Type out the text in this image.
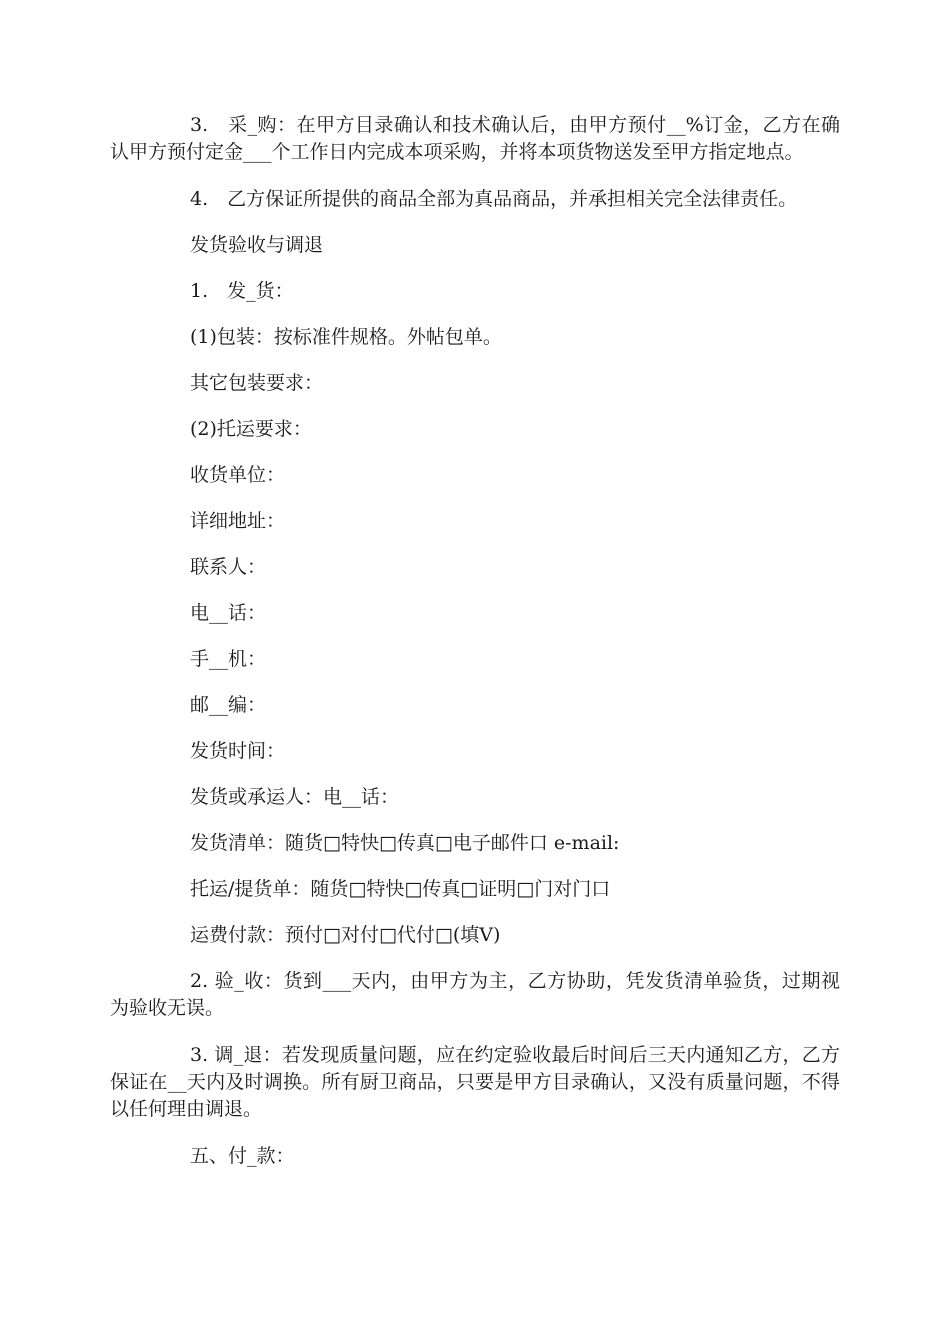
3.　采_购：在甲方目录确认和技术确认后，由甲方预付__%订金，乙方在确认甲方预付定金___个工作日内完成本项采购，并将本项货物送发至甲方指定地点。

4.　乙方保证所提供的商品全部为真品商品，并承担相关完全法律责任。

发货验收与调退

1.　发_货：

(1)包装：按标准件规格。外帖包单。

其它包装要求：

(2)托运要求：

收货单位：

详细地址：

联系人：

电__话：

手__机：

邮__编：

发货时间：

发货或承运人：电__话：

发货清单：随货□特快□传真□电子邮件口 e-mail:

托运/提货单：随货□特快□传真□证明□门对门口

运费付款：预付□对付□代付□(填V)

2. 验_收：货到___天内，由甲方为主，乙方协助，凭发货清单验货，过期视为验收无误。

3. 调_退：若发现质量问题，应在约定验收最后时间后三天内通知乙方，乙方保证在__天内及时调换。所有厨卫商品，只要是甲方目录确认，又没有质量问题，不得以任何理由调退。

五、付_款：
